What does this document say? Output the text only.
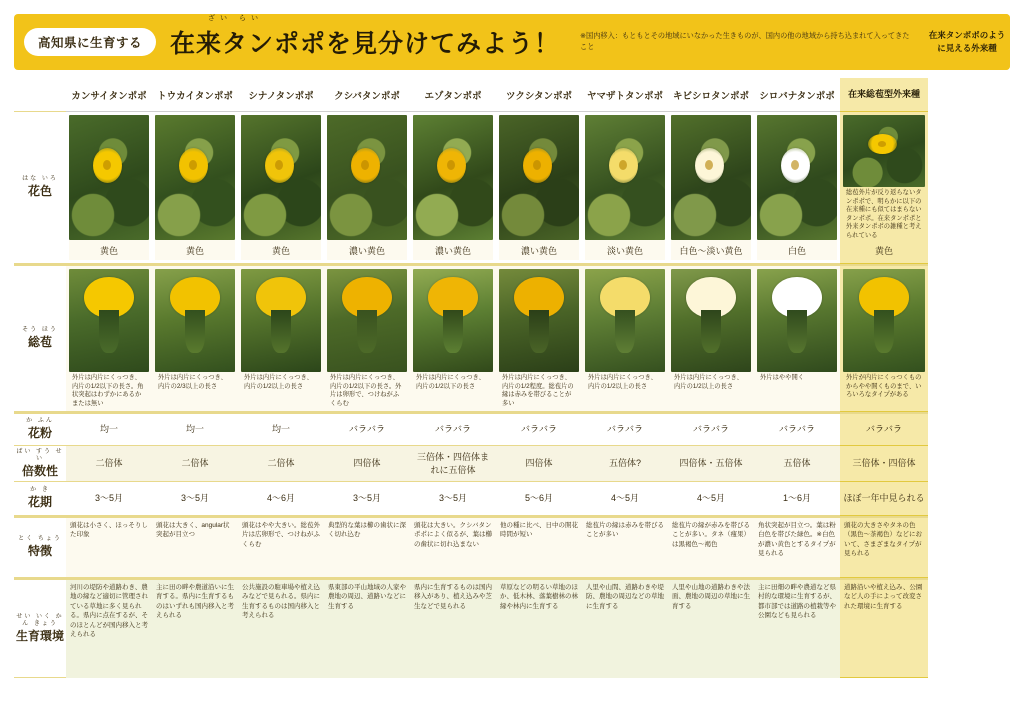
高知県に生育する
ざい らい
在来タンポポを見分けてみよう！	※国内移入：もともとその地域にいなかった生きものが、国内の他の地域から持ち込まれて入ってきたこと
在来タンポポのように見える外来種
はな いろ
花色
そう ほう
総苞
か ふん
花粉
ばい すう せい
倍数性
か き
花期
とく ちょう
特徴
せい いく かん きょう
生育環境
カンサイタンポポ
黄色
外片は内片にくっつき、内片の1/2以下の長さ。角状突起はわずかにあるかまたは無い
均一
二倍体
3〜5月
頭花は小さく、ほっそりした印象
河川の堤防や道路わき、農地の縁など適切に管理されている草地に多く見られる。県内に点在するが、そのほとんどが国内移入と考えられる
トウカイタンポポ
黄色
外片は内片にくっつき、内片の2/3以上の長さ
均一
二倍体
3〜5月
頭花は大きく、angular状突起が目立つ
主に田の畔や農道沿いに生育する。県内に生育するものはいずれも国内移入と考えられる
シナノタンポポ
黄色
外片は内片にくっつき、内片の1/2以上の長さ
均一
二倍体
4〜6月
頭花はやや大きい。総苞外片は広卵形で、つけねがふくらむ
公共施設の駐車場や植え込みなどで見られる。県内に生育するものは国内移入と考えられる
クシバタンポポ
濃い黄色
外片は内片にくっつき、内片の1/2以下の長さ。外片は卵形で、つけねがふくらむ
バラバラ
四倍体
3〜5月
典型的な葉は櫛の歯状に深く切れ込む
県東部の平山地域の人家や農地の周辺、道路いなどに生育する
エゾタンポポ
濃い黄色
外片は内片にくっつき、内片の1/2以下の長さ
バラバラ
三倍体・四倍体まれに五倍体
3〜5月
頭花は大きい。クシバタンポポによく似るが、葉は櫛の歯状に切れ込まない
県内に生育するものは国内移入があり、植え込みや芝生などで見られる
ツクシタンポポ
濃い黄色
外片は内片にくっつき、内片の1/2程度。総苞片の縁は赤みを帯びることが多い
バラバラ
四倍体
5〜6月
他の種に比べ、日中の開花時間が短い
草原などの明るい草地のほか、低木林、落葉樹林の林縁や林内に生育する
ヤマザトタンポポ
淡い黄色
外片は内片にくっつき、内片の1/2以上の長さ
バラバラ
五倍体?
4〜5月
総苞片の縁は赤みを帯びることが多い
人里や山間、道路わきや堤防、農地の周辺などの草地に生育する
キビシロタンポポ
白色〜淡い黄色
外片は内片にくっつき、内片の1/2以上の長さ
バラバラ
四倍体・五倍体
4〜5月
総苞片の縁が赤みを帯びることが多い。タネ（痩果）は黒褐色〜褐色
人里や山地の道路わきや法面、農地の周辺の草地に生育する
シロバナタンポポ
白色
外片はやや開く
バラバラ
五倍体
1〜6月
角状突起が目立つ。葉は粉白色を帯びた緑色。※白色が濃い黄色とするタイプが見られる
主に田畑の畔や農道など県村的な環境に生育するが、都市部では道路の植栽等や公園なども見られる
在来総苞型外来種
総苞外片が反り返らないタンポポで、明らかに以下の在来種にも似てはまらないタンポポ。在来タンポポと外来タンポポの雑種と考えられている
黄色
外片が内片にくっつくものからやや開くものまで、いろいろなタイプがある
バラバラ
三倍体・四倍体
ほぼ一年中見られる
頭花の大きさやタネの色（黒色〜茶褐色）などにおいて、さまざまなタイプが見られる
道路沿いや植え込み、公園など人の手によって改変された環境に生育する
